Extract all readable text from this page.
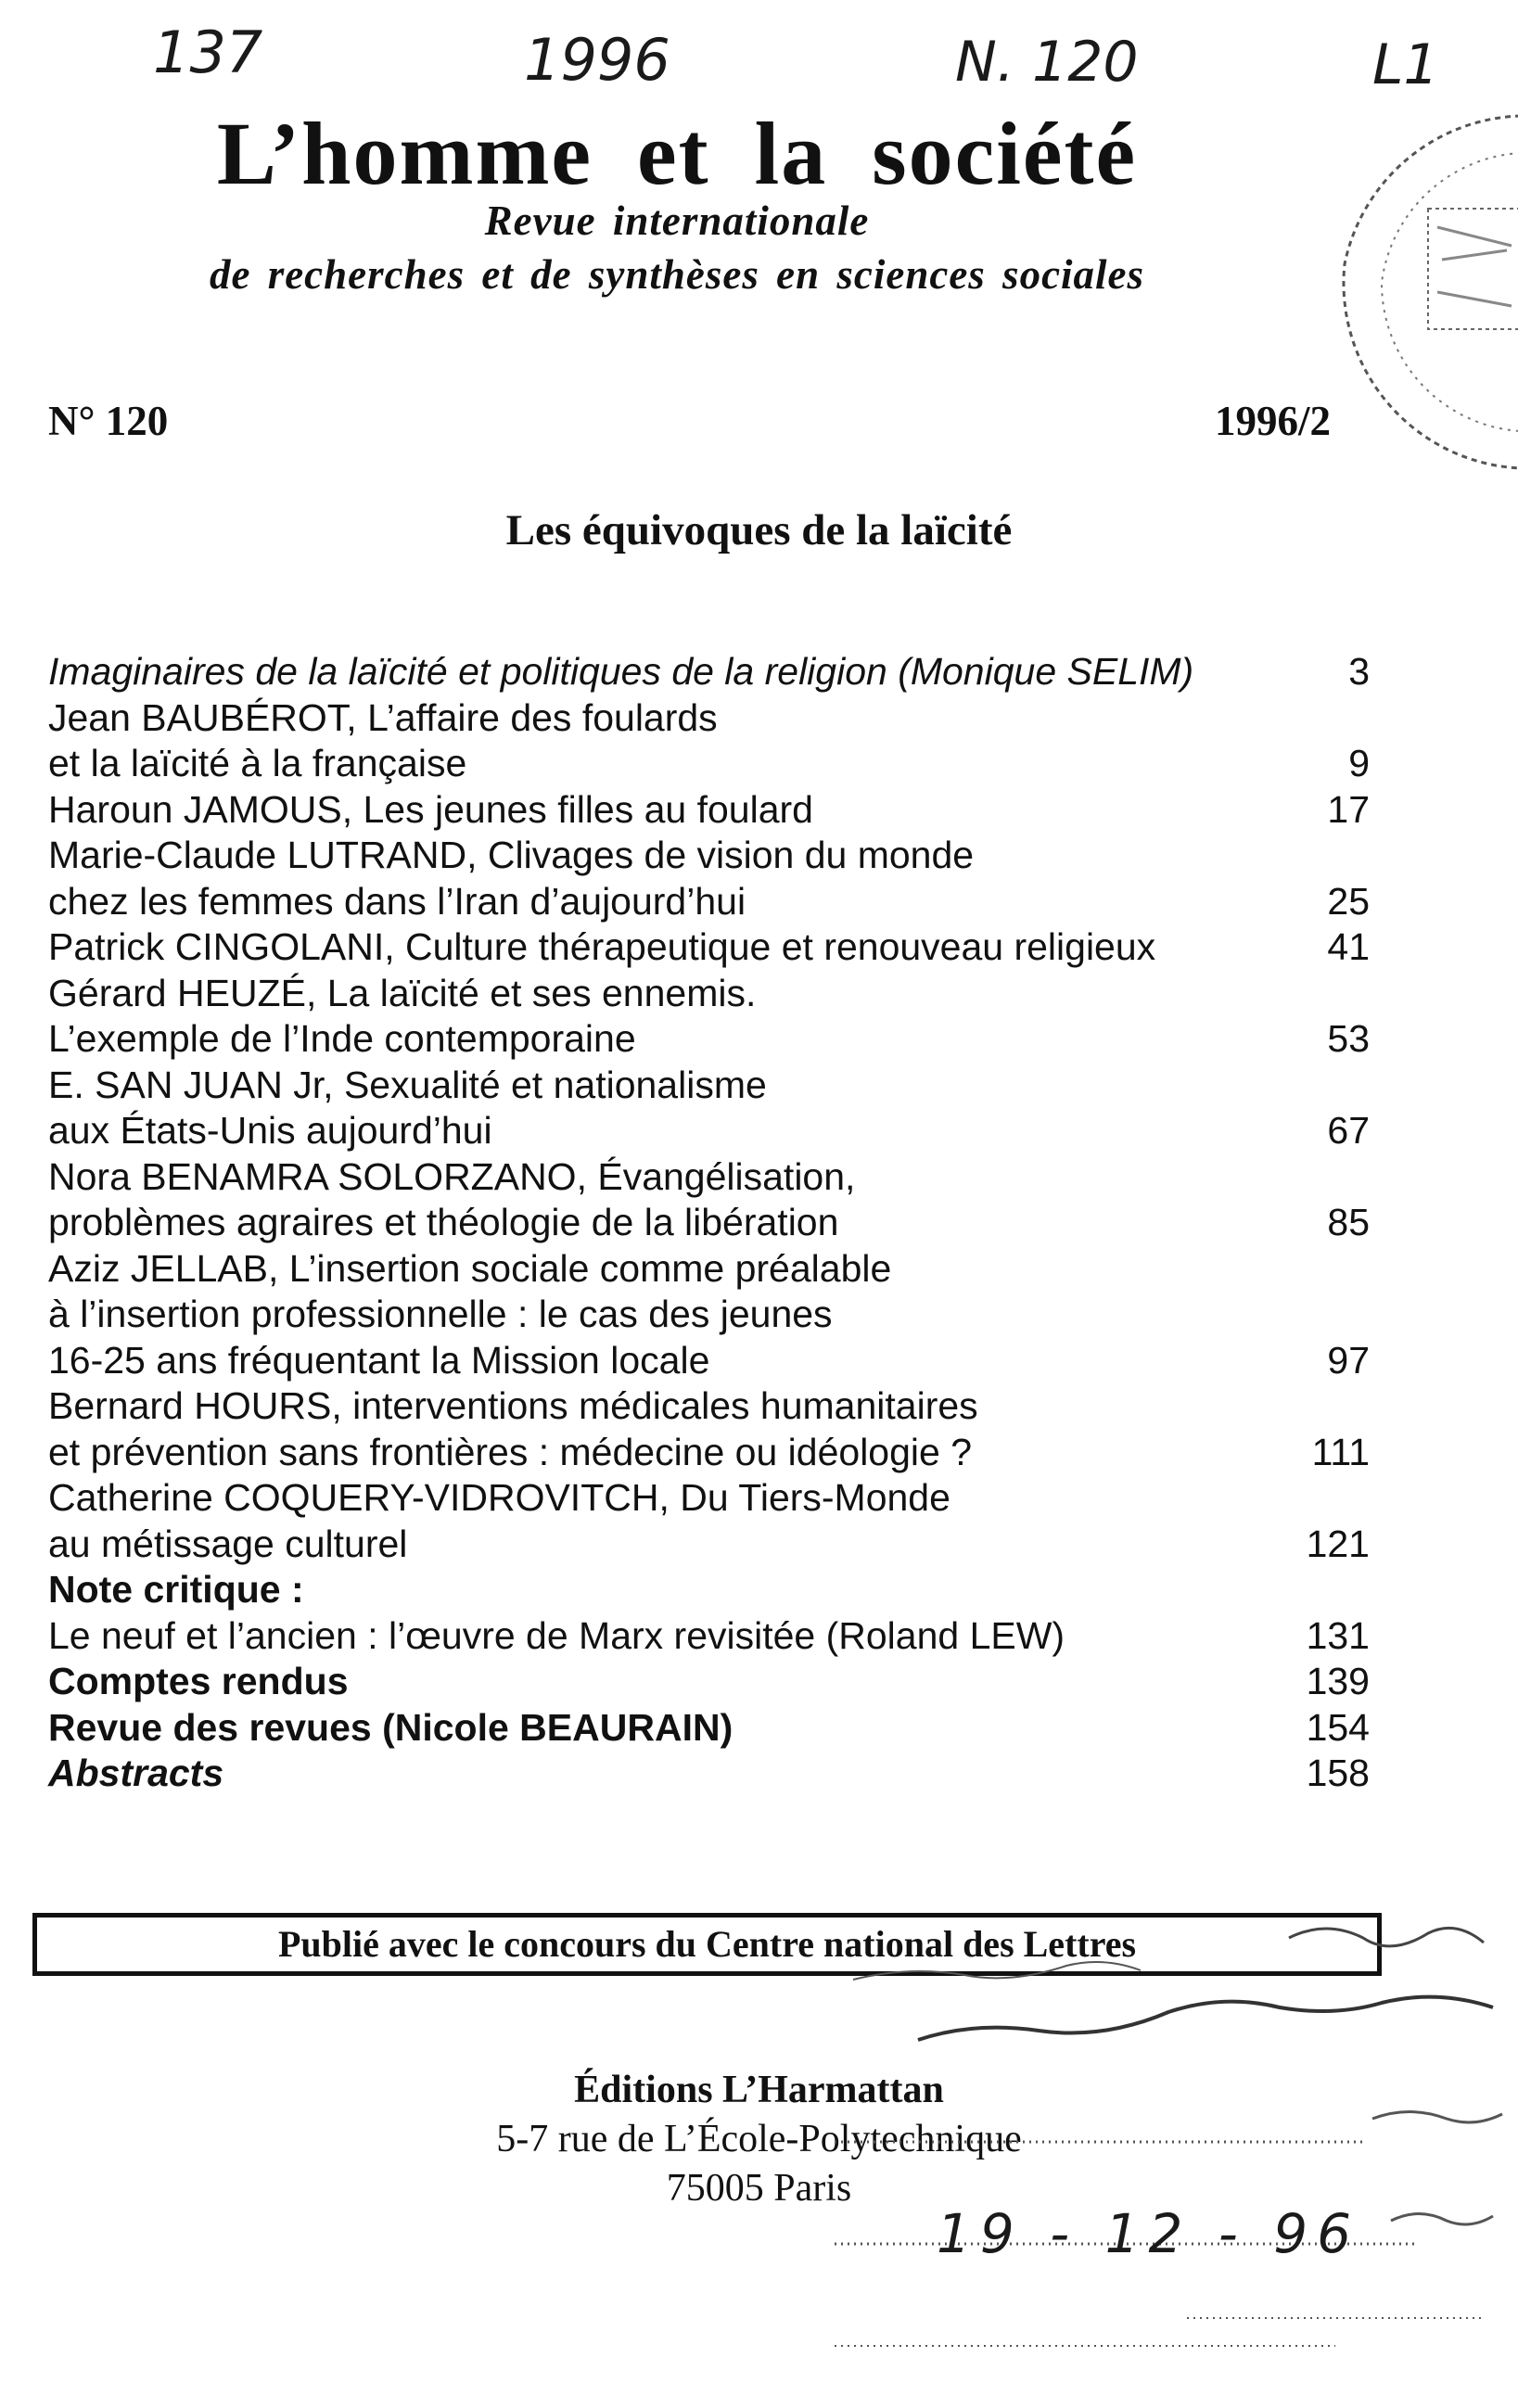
137	1996	N. 120	L1
L’homme et la société
Revue internationale
de recherches et de synthèses en sciences sociales
N° 120	1996/2
Les équivoques de la laïcité
Imaginaires de la laïcité et politiques de la religion (Monique SELIM)	3
Jean BAUBÉROT, L’affaire des foulards
et la laïcité à la française	9
Haroun JAMOUS, Les jeunes filles au foulard	17
Marie-Claude LUTRAND, Clivages de vision du monde
chez les femmes dans l’Iran d’aujourd’hui	25
Patrick CINGOLANI, Culture thérapeutique et renouveau religieux	41
Gérard HEUZÉ, La laïcité et ses ennemis.
L’exemple de l’Inde contemporaine	53
E. SAN JUAN Jr, Sexualité et nationalisme
aux États-Unis aujourd’hui	67
Nora BENAMRA SOLORZANO, Évangélisation,
problèmes agraires et théologie de la libération	85
Aziz JELLAB, L’insertion sociale comme préalable
à l’insertion professionnelle : le cas des jeunes
16-25 ans fréquentant la Mission locale	97
Bernard HOURS, interventions médicales humanitaires
et prévention sans frontières : médecine ou idéologie ?	111
Catherine COQUERY-VIDROVITCH, Du Tiers-Monde
au métissage culturel	121
Note critique :
Le neuf et l’ancien : l’œuvre de Marx revisitée (Roland LEW)	131
Comptes rendus	139
Revue des revues (Nicole BEAURAIN)	154
Abstracts	158
Publié avec le concours du Centre national des Lettres
Éditions L’Harmattan
5-7 rue de L’École-Polytechnique
75005 Paris
19 - 12 - 96
